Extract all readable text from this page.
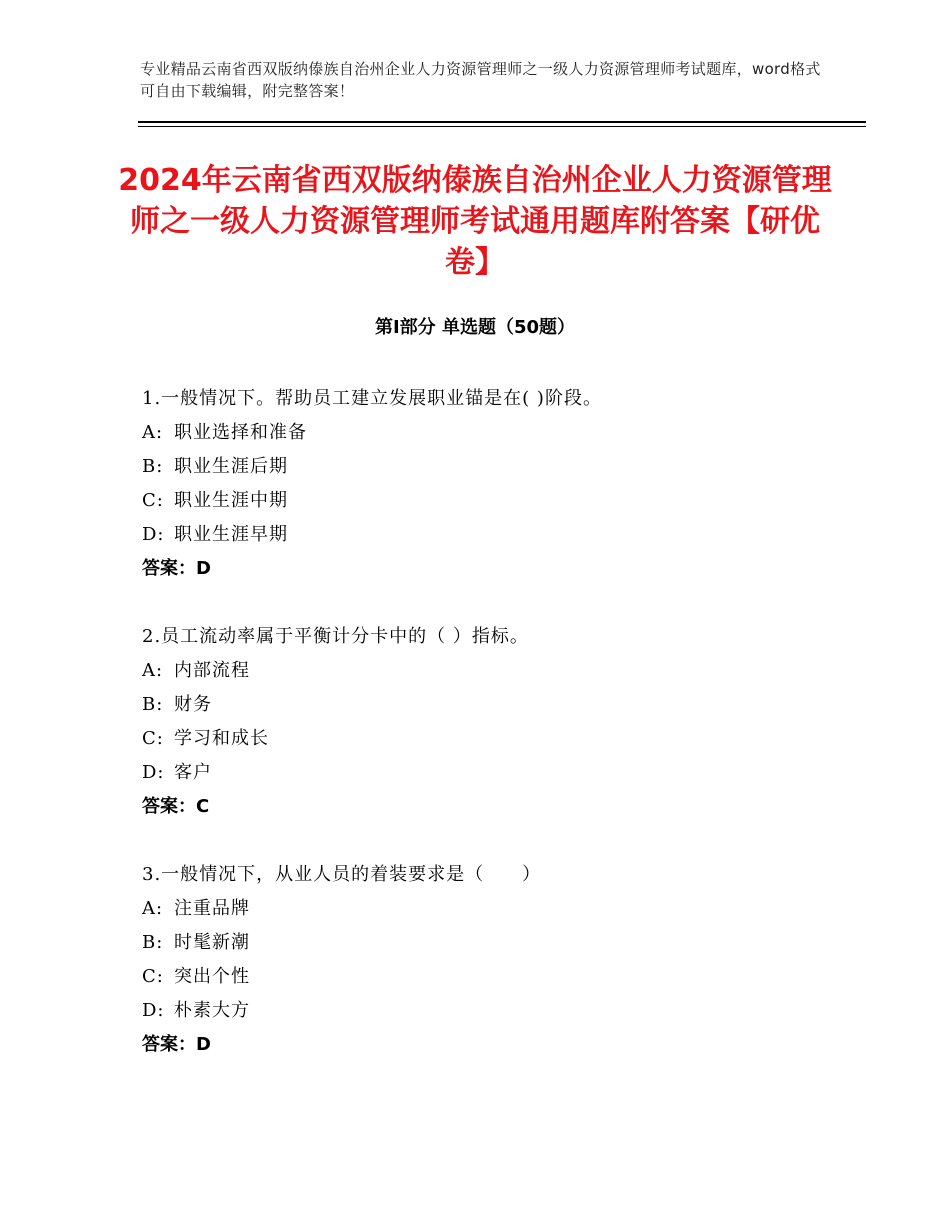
专业精品云南省西双版纳傣族自治州企业人力资源管理师之一级人力资源管理师考试题库，word格式可自由下载编辑，附完整答案！
2024年云南省西双版纳傣族自治州企业人力资源管理师之一级人力资源管理师考试通用题库附答案【研优卷】
第Ⅰ部分 单选题（50题）
1.一般情况下。帮助员工建立发展职业锚是在( )阶段。
A: 职业选择和准备
B: 职业生涯后期
C: 职业生涯中期
D: 职业生涯早期
答案：D
2.员工流动率属于平衡计分卡中的（ ）指标。
A: 内部流程
B: 财务
C: 学习和成长
D: 客户
答案：C
3.一般情况下，从业人员的着装要求是（　　）
A: 注重品牌
B: 时髦新潮
C: 突出个性
D: 朴素大方
答案：D
